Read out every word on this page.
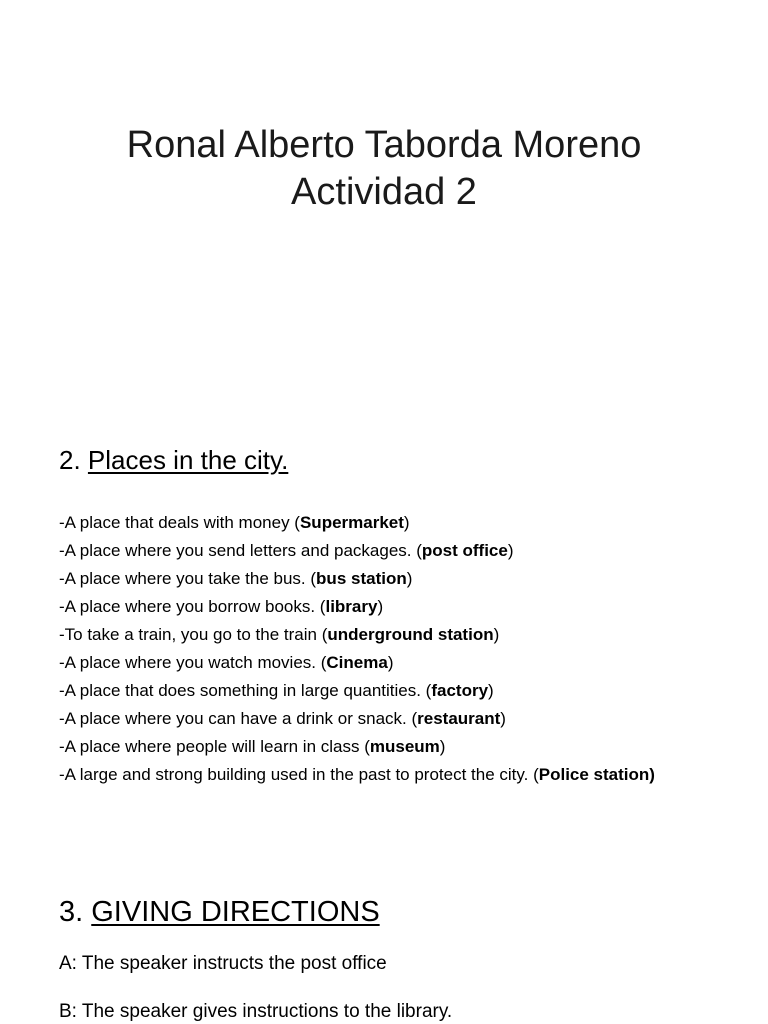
Ronal Alberto Taborda Moreno
Actividad 2
2. Places in the city.
-A place that deals with money (Supermarket)
-A place where you send letters and packages. (post office)
-A place where you take the bus. (bus station)
-A place where you borrow books. (library)
-To take a train, you go to the train (underground station)
-A place where you watch movies. (Cinema)
-A place that does something in large quantities. (factory)
-A place where you can have a drink or snack. (restaurant)
-A place where people will learn in class (museum)
-A large and strong building used in the past to protect the city. (Police station)
3. GIVING DIRECTIONS
A: The speaker instructs the post office
B: The speaker gives instructions to the library.
